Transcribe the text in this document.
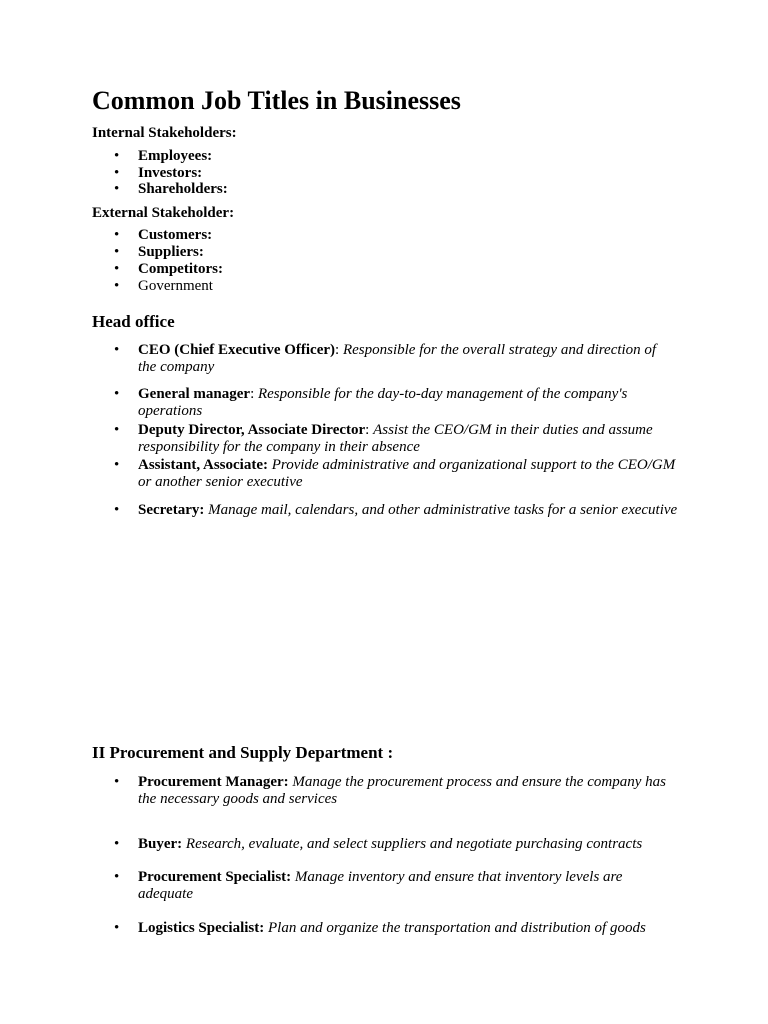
Common Job Titles in Businesses

Internal Stakeholders:

• Employees:
• Investors:
• Shareholders:

External Stakeholder:

• Customers:
• Suppliers:
• Competitors:
• Government
Head office
• CEO (Chief Executive Officer): Responsible for the overall strategy and direction of the company
• General manager: Responsible for the day-to-day management of the company's operations
• Deputy Director, Associate Director: Assist the CEO/GM in their duties and assume responsibility for the company in their absence
• Assistant, Associate: Provide administrative and organizational support to the CEO/GM or another senior executive
• Secretary: Manage mail, calendars, and other administrative tasks for a senior executive
II Procurement and Supply Department :
• Procurement Manager: Manage the procurement process and ensure the company has the necessary goods and services
• Buyer: Research, evaluate, and select suppliers and negotiate purchasing contracts
• Procurement Specialist: Manage inventory and ensure that inventory levels are adequate
• Logistics Specialist: Plan and organize the transportation and distribution of goods
